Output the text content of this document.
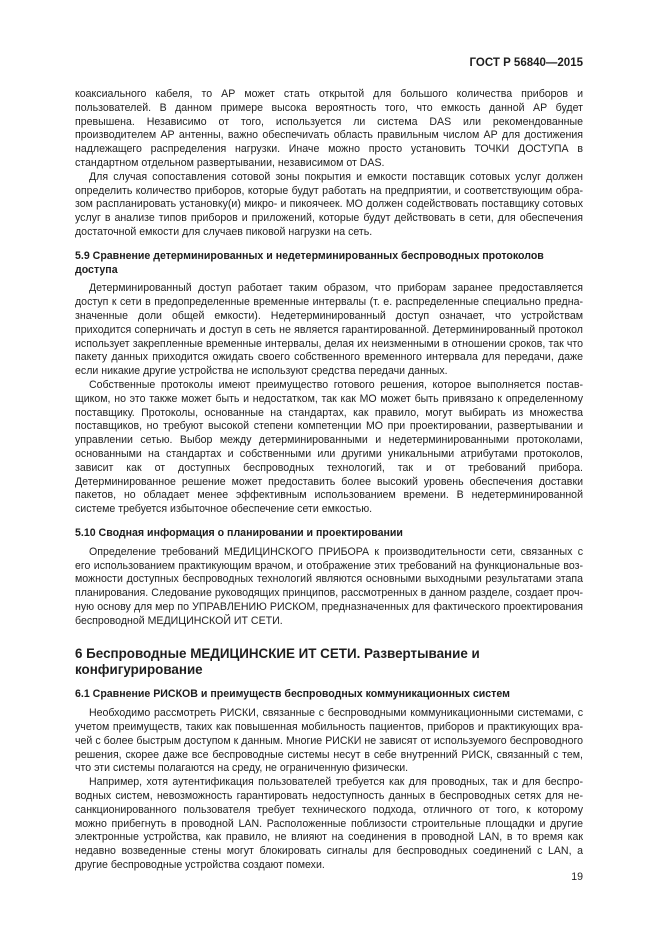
ГОСТ Р 56840—2015

коаксиального кабеля, то АР может стать открытой для большого количества приборов и пользователей. В данном примере высока вероятность того, что емкость данной АР будет превышена. Независимо от того, используется ли система DAS или рекомендованные производителем АР антенны, важно обеспечиvать область правильным числом АР для достижения надлежащего распределения нагрузки. Иначе можно просто установить ТОЧКИ ДОСТУПА в стандартном отдельном развертывании, независимом от DAS.

Для случая сопоставления сотовой зоны покрытия и емкости поставщик сотовых услуг должен определить количество приборов, которые будут работать на предприятии, и соответствующим образом распланировать установку(и) микро- и пикоячеек. МО должен содействовать поставщику сотовых услуг в анализе типов приборов и приложений, которые будут действовать в сети, для обеспечения достаточной емкости для случаев пиковой нагрузки на сеть.

5.9 Сравнение детерминированных и недетерминированных беспроводных протоколов доступа

Детерминированный доступ работает таким образом, что приборам заранее предоставляется доступ к сети в предопределенные временные интервалы (т. е. распределенные специально предназначенные доли общей емкости). Недетерминированный доступ означает, что устройствам приходится соперничать и доступ в сеть не является гарантированной. Детерминированный протокол использует закрепленные временные интервалы, делая их неизменными в отношении сроков, так что пакету данных приходится ожидать своего собственного временного интервала для передачи, даже если никакие другие устройства не используют средства передачи данных.

Собственные протоколы имеют преимущество готового решения, которое выполняется поставщиком, но это также может быть и недостатком, так как МО может быть привязано к определенному поставщику. Протоколы, основанные на стандартах, как правило, могут выбирать из множества поставщиков, но требуют высокой степени компетенции МО при проектировании, развертывании и управлении сетью. Выбор между детерминированными и недетерминированными протоколами, основанными на стандартах и собственными или другими уникальными атрибутами протоколов, зависит как от доступных беспроводных технологий, так и от требований прибора. Детерминированное решение может предоставить более высокий уровень обеспечения доставки пакетов, но обладает менее эффективным использованием времени. В недетерминированной системе требуется избыточное обеспечение сети емкостью.

5.10 Сводная информация о планировании и проектировании

Определение требований МЕДИЦИНСКОГО ПРИБОРА к производительности сети, связанных с его использованием практикующим врачом, и отображение этих требований на функциональные возможности доступных беспроводных технологий являются основными выходными результатами этапа планирования. Следование руководящих принципов, рассмотренных в данном разделе, создает прочную основу для мер по УПРАВЛЕНИЮ РИСКОМ, предназначенных для фактического проектирования беспроводной МЕДИЦИНСКОЙ ИТ СЕТИ.

6 Беспроводные МЕДИЦИНСКИЕ ИТ СЕТИ. Развертывание и конфигурирование
6.1 Сравнение РИСКОВ и преимуществ беспроводных коммуникационных систем

Необходимо рассмотреть РИСКИ, связанные с беспроводными коммуникационными системами, с учетом преимуществ, таких как повышенная мобильность пациентов, приборов и практикующих врачей с более быстрым доступом к данным. Многие РИСКИ не зависят от используемого беспроводного решения, скорее даже все беспроводные системы несут в себе внутренний РИСК, связанный с тем, что эти системы полагаются на среду, не ограниченную физически.

Например, хотя аутентификация пользователей требуется как для проводных, так и для беспроводных систем, невозможность гарантировать недоступность данных в беспроводных сетях для несанкционированного пользователя требует технического подхода, отличного от того, к которому можно прибегнуть в проводной LAN. Расположенные поблизости строительные площадки и другие электронные устройства, как правило, не влияют на соединения в проводной LAN, в то время как недавно возведенные стены могут блокировать сигналы для беспроводных соединений с LAN, а другие беспроводные устройства создают помехи.

19
